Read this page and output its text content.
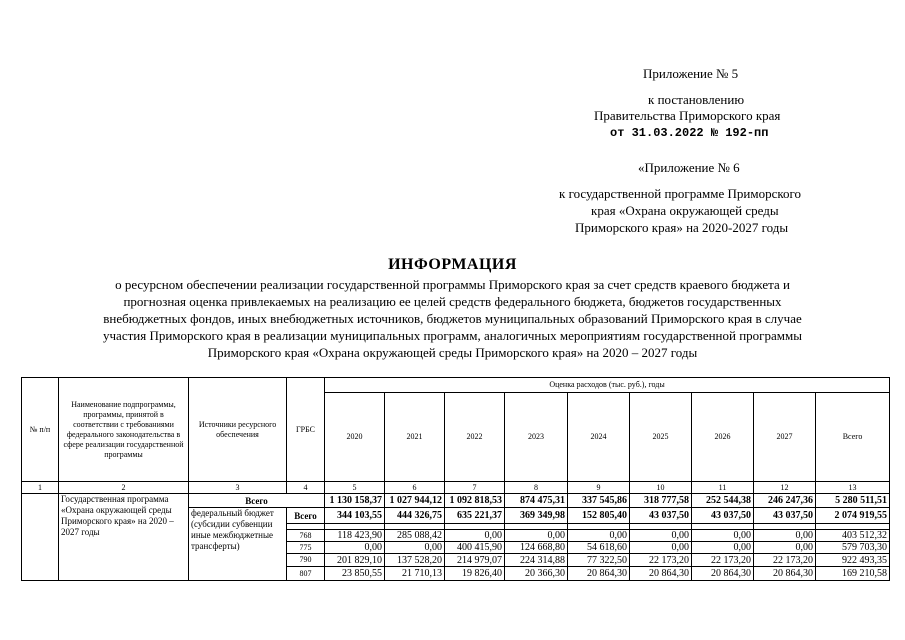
Приложение № 5
к постановлению
Правительства Приморского края
от 31.03.2022 № 192-пп
«Приложение № 6
к государственной программе Приморского
края «Охрана окружающей среды
Приморского края» на 2020-2027 годы
ИНФОРМАЦИЯ
о ресурсном обеспечении реализации государственной программы Приморского края за счет средств краевого бюджета и
прогнозная оценка привлекаемых на реализацию ее целей средств федерального бюджета, бюджетов государственных
внебюджетных фондов, иных внебюджетных источников, бюджетов муниципальных образований Приморского края в случае
участия Приморского края в реализации муниципальных программ, аналогичных мероприятиям государственной программы
Приморского края «Охрана окружающей среды Приморского края» на 2020 – 2027 годы
№ п/п	Наименование подпрограммы, программы, принятой в соответствии с требованиями федерального законодательства в сфере реализации государственной программы	Источники ресурсного обеспечения	ГРБС	Оценка расходов (тыс. руб.), годы								
				2020	2021	2022	2023	2024	2025	2026	2027	Всего
1	2	3	4	5	6	7	8	9	10	11	12	13
	Государственная программа «Охрана окружающей среды Приморского края» на 2020 – 2027 годы	Всего		1 130 158,37	1 027 944,12	1 092 818,53	874 475,31	337 545,86	318 777,58	252 544,38	246 247,36	5 280 511,51
		федеральный бюджет (субсидии субвенции иные межбюджетные трансферты)	Всего	344 103,55	444 326,75	635 221,37	369 349,98	152 805,40	43 037,50	43 037,50	43 037,50	2 074 919,55

			768	118 423,90	285 088,42	0,00	0,00	0,00	0,00	0,00	0,00	403 512,32
			775	0,00	0,00	400 415,90	124 668,80	54 618,60	0,00	0,00	0,00	579 703,30
			790	201 829,10	137 528,20	214 979,07	224 314,88	77 322,50	22 173,20	22 173,20	22 173,20	922 493,35
			807	23 850,55	21 710,13	19 826,40	20 366,30	20 864,30	20 864,30	20 864,30	20 864,30	169 210,58
